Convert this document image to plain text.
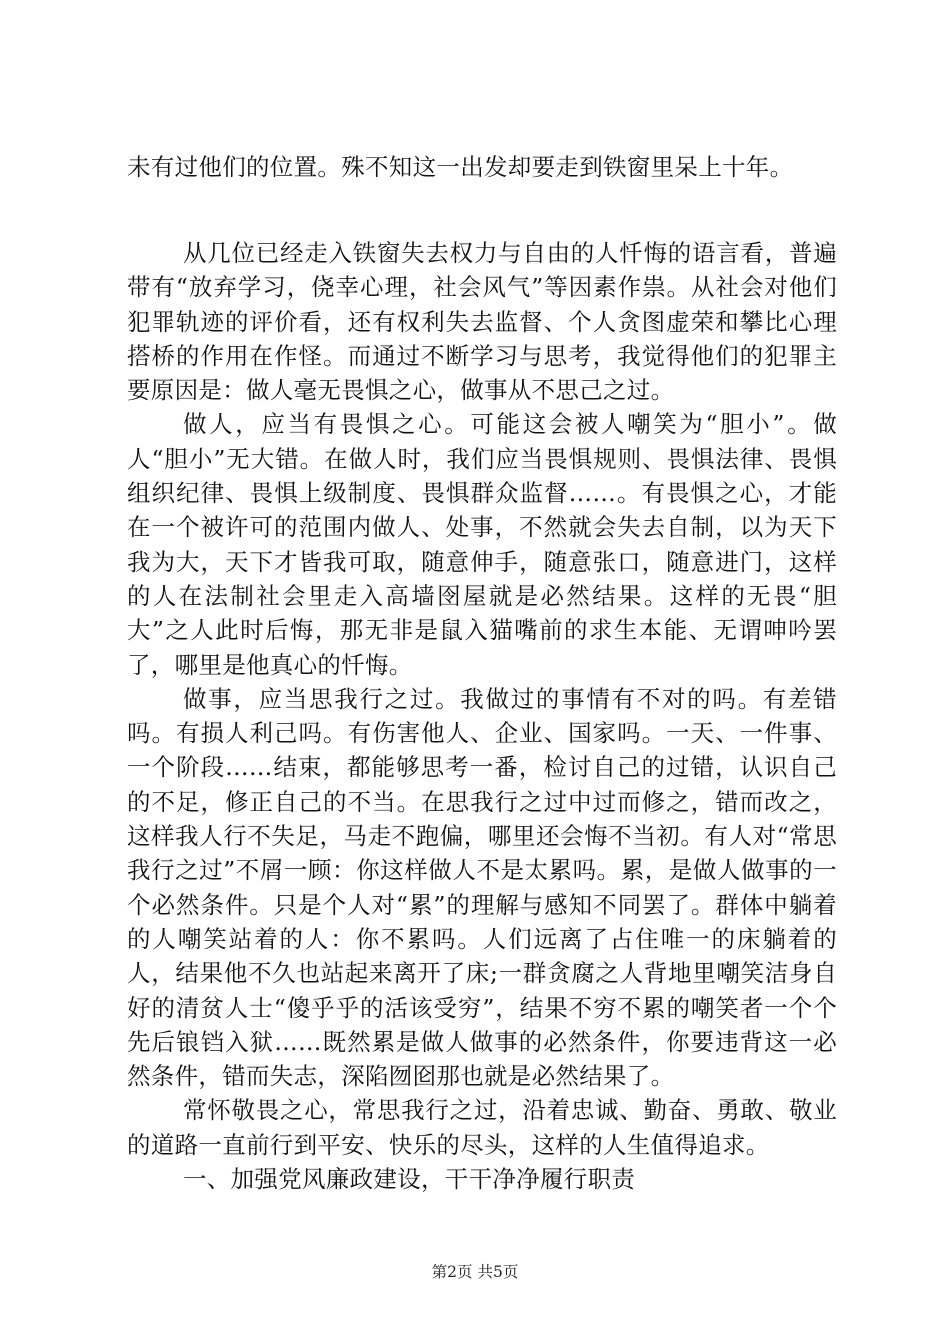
未有过他们的位置。殊不知这一出发却要走到铁窗里呆上十年。

从几位已经走入铁窗失去权力与自由的人忏悔的语言看，普遍带有“放弃学习，侥幸心理，社会风气”等因素作祟。从社会对他们犯罪轨迹的评价看，还有权利失去监督、个人贪图虚荣和攀比心理搭桥的作用在作怪。而通过不断学习与思考，我觉得他们的犯罪主要原因是：做人毫无畏惧之心，做事从不思己之过。

做人，应当有畏惧之心。可能这会被人嘲笑为“胆小”。做人“胆小”无大错。在做人时，我们应当畏惧规则、畏惧法律、畏惧组织纪律、畏惧上级制度、畏惧群众监督……。有畏惧之心，才能在一个被许可的范围内做人、处事，不然就会失去自制，以为天下我为大，天下才皆我可取，随意伸手，随意张口，随意进门，这样的人在法制社会里走入高墙囹屋就是必然结果。这样的无畏“胆大”之人此时后悔，那无非是鼠入猫嘴前的求生本能、无谓呻吟罢了，哪里是他真心的忏悔。

做事，应当思我行之过。我做过的事情有不对的吗。有差错吗。有损人利己吗。有伤害他人、企业、国家吗。一天、一件事、一个阶段……结束，都能够思考一番，检讨自己的过错，认识自己的不足，修正自己的不当。在思我行之过中过而修之，错而改之，这样我人行不失足，马走不跑偏，哪里还会悔不当初。有人对“常思我行之过”不屑一顾：你这样做人不是太累吗。累，是做人做事的一个必然条件。只是个人对“累”的理解与感知不同罢了。群体中躺着的人嘲笑站着的人：你不累吗。人们远离了占住唯一的床躺着的人，结果他不久也站起来离开了床;一群贪腐之人背地里嘲笑洁身自好的清贫人士“傻乎乎的活该受穷”，结果不穷不累的嘲笑者一个个先后锒铛入狱……既然累是做人做事的必然条件，你要违背这一必然条件，错而失志，深陷囫囵那也就是必然结果了。

常怀敬畏之心，常思我行之过，沿着忠诚、勤奋、勇敢、敬业的道路一直前行到平安、快乐的尽头，这样的人生值得追求。

一、加强党风廉政建设，干干净净履行职责

第2页 共5页
